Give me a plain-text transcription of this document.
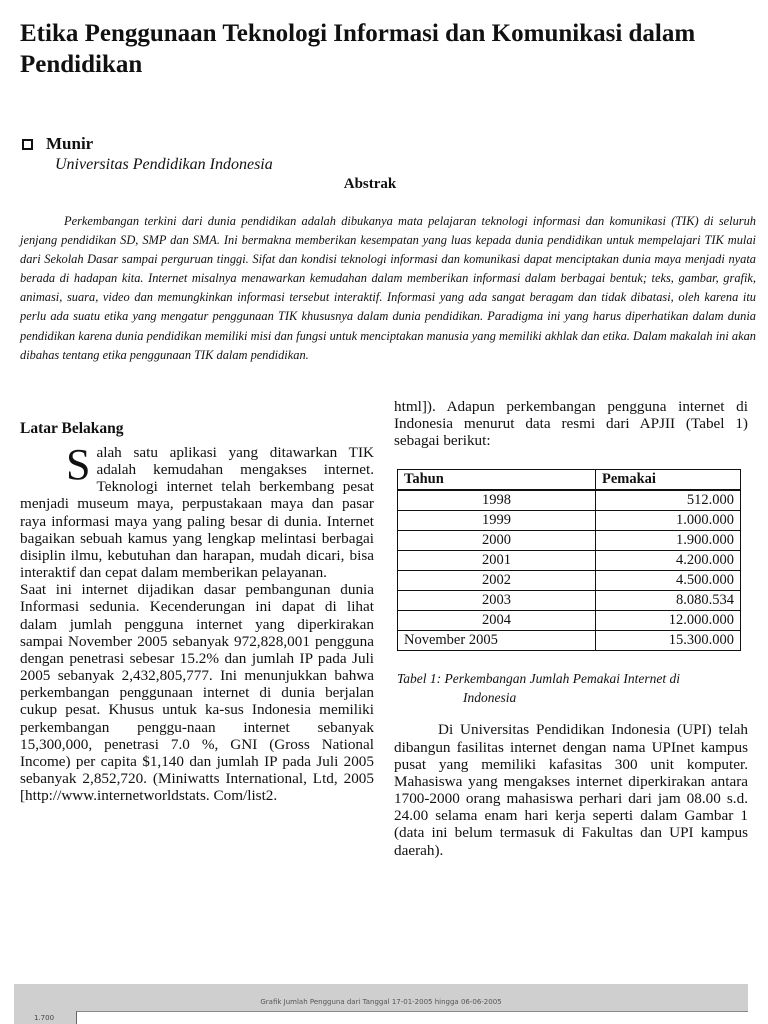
Etika Penggunaan Teknologi Informasi dan Komunikasi dalam Pendidikan
Munir
Universitas Pendidikan Indonesia
Abstrak

Perkembangan terkini dari dunia pendidikan adalah dibukanya mata pelajaran teknologi informasi dan komunikasi (TIK) di seluruh jenjang pendidikan SD, SMP dan SMA. Ini bermakna memberikan kesempatan yang luas kepada dunia pendidikan untuk mempelajari TIK mulai dari Sekolah Dasar sampai perguruan tinggi. Sifat dan kondisi teknologi informasi dan komunikasi dapat menciptakan dunia maya menjadi nyata berada di hadapan kita. Internet misalnya menawarkan kemudahan dalam memberikan informasi dalam berbagai bentuk; teks, gambar, grafik, animasi, suara, video dan memungkinkan informasi tersebut interaktif. Informasi yang ada sangat beragam dan tidak dibatasi, oleh karena itu perlu ada suatu etika yang mengatur penggunaan TIK khususnya dalam dunia pendidikan. Paradigma ini yang harus diperhatikan dalam dunia pendidikan karena dunia pendidikan memiliki misi dan fungsi untuk menciptakan manusia yang memiliki akhlak dan etika. Dalam makalah ini akan dibahas tentang etika penggunaan TIK dalam pendidikan.

Latar Belakang

Salah satu aplikasi yang ditawarkan TIK adalah kemudahan mengakses internet. Teknologi internet telah berkembang pesat menjadi museum maya, perpustakaan maya dan pasar raya informasi maya yang paling besar di dunia. Internet bagaikan sebuah kamus yang lengkap melintasi berbagai disiplin ilmu, kebutuhan dan harapan, mudah dicari, bisa interaktif dan cepat dalam memberikan pelayanan.

Saat ini internet dijadikan dasar pembangunan dunia Informasi sedunia. Kecenderungan ini dapat di lihat dalam jumlah pengguna internet yang diperkirakan sampai November 2005 sebanyak 972,828,001 pengguna dengan penetrasi sebesar 15.2% dan jumlah IP pada Juli 2005 sebanyak 2,432,805,777. Ini menunjukkan bahwa perkembangan penggunaan internet di dunia berjalan cukup pesat. Khusus untuk ka-sus Indonesia memiliki perkembangan penggu-naan internet sebanyak 15,300,000, penetrasi 7.0 %, GNI (Gross National Income) per capita $1,140 dan jumlah IP pada Juli 2005 sebanyak 2,852,720. (Miniwatts International, Ltd, 2005 [http://www.internetworldstats. Com/list2.

html]). Adapun perkembangan pengguna internet di Indonesia menurut data resmi dari APJII (Tabel 1) sebagai berikut:

Tahun	Pemakai
1998	512.000
1999	1.000.000
2000	1.900.000
2001	4.200.000
2002	4.500.000
2003	8.080.534
2004	12.000.000
November 2005	15.300.000
Tabel 1: Perkembangan Jumlah Pemakai Internet di
Indonesia

Di Universitas Pendidikan Indonesia (UPI) telah dibangun fasilitas internet dengan nama UPInet kampus pusat yang memiliki kafasitas 300 unit komputer. Mahasiswa yang mengakses internet diperkirakan antara 1700-2000 orang mahasiswa perhari dari jam 08.00 s.d. 24.00 selama enam hari kerja seperti dalam Gambar 1 (data ini belum termasuk di Fakultas dan UPI kampus daerah).

Grafik Jumlah Pengguna dari Tanggal 17-01-2005 hingga 06-06-2005
1.700
